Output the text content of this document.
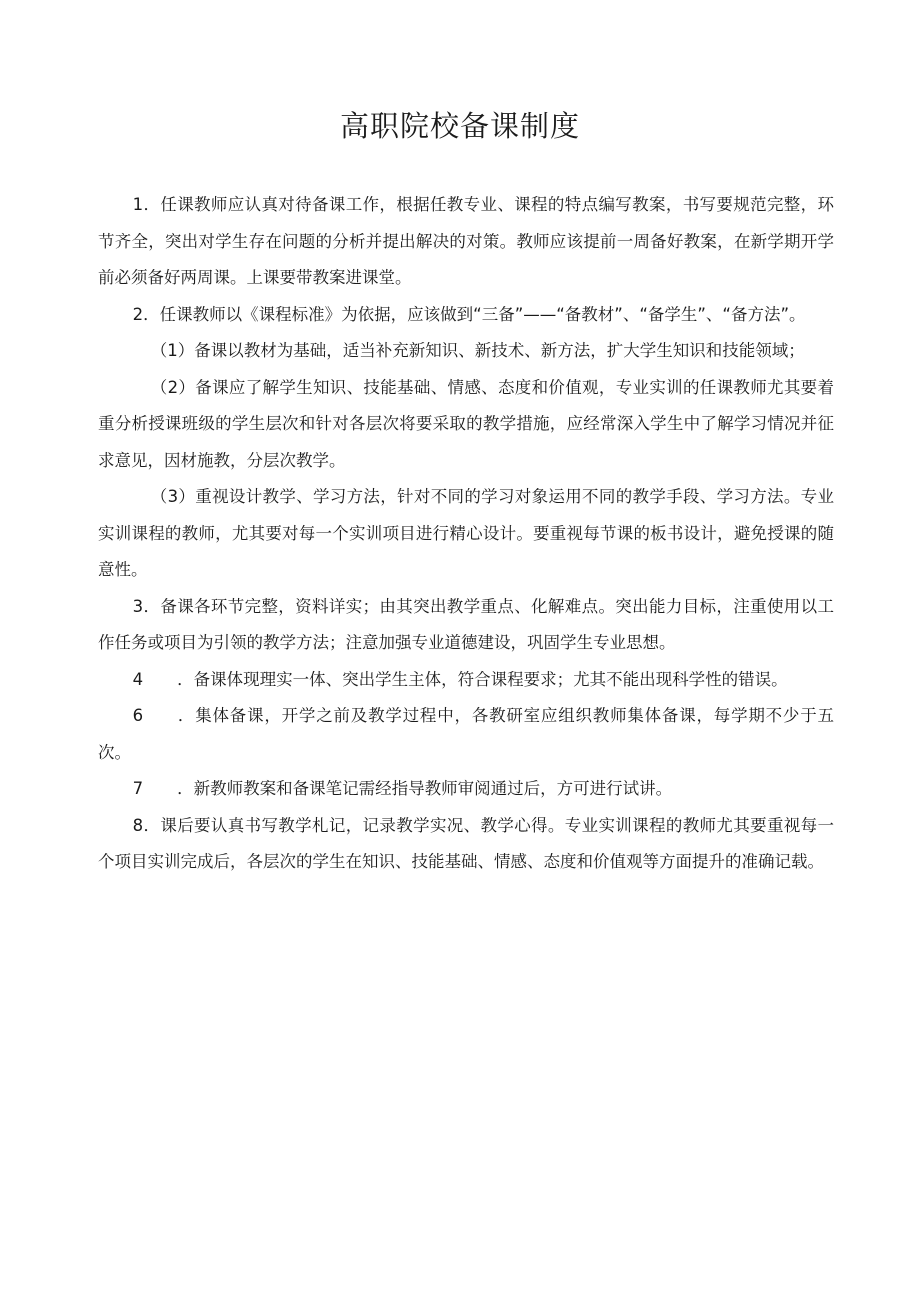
高职院校备课制度

1．任课教师应认真对待备课工作，根据任教专业、课程的特点编写教案，书写要规范完整，环节齐全，突出对学生存在问题的分析并提出解决的对策。教师应该提前一周备好教案，在新学期开学前必须备好两周课。上课要带教案进课堂。

2．任课教师以《课程标准》为依据，应该做到“三备”——“备教材”、“备学生”、“备方法”。

（1）备课以教材为基础，适当补充新知识、新技术、新方法，扩大学生知识和技能领域；

（2）备课应了解学生知识、技能基础、情感、态度和价值观，专业实训的任课教师尤其要着重分析授课班级的学生层次和针对各层次将要采取的教学措施，应经常深入学生中了解学习情况并征求意见，因材施教，分层次教学。

（3）重视设计教学、学习方法，针对不同的学习对象运用不同的教学手段、学习方法。专业实训课程的教师，尤其要对每一个实训项目进行精心设计。要重视每节课的板书设计，避免授课的随意性。

3．备课各环节完整，资料详实；由其突出教学重点、化解难点。突出能力目标，注重使用以工作任务或项目为引领的教学方法；注意加强专业道德建设，巩固学生专业思想。

4 ．备课体现理实一体、突出学生主体，符合课程要求；尤其不能出现科学性的错误。

6 ．集体备课，开学之前及教学过程中，各教研室应组织教师集体备课，每学期不少于五次。

7 ．新教师教案和备课笔记需经指导教师审阅通过后，方可进行试讲。

8．课后要认真书写教学札记，记录教学实况、教学心得。专业实训课程的教师尤其要重视每一个项目实训完成后，各层次的学生在知识、技能基础、情感、态度和价值观等方面提升的准确记载。
